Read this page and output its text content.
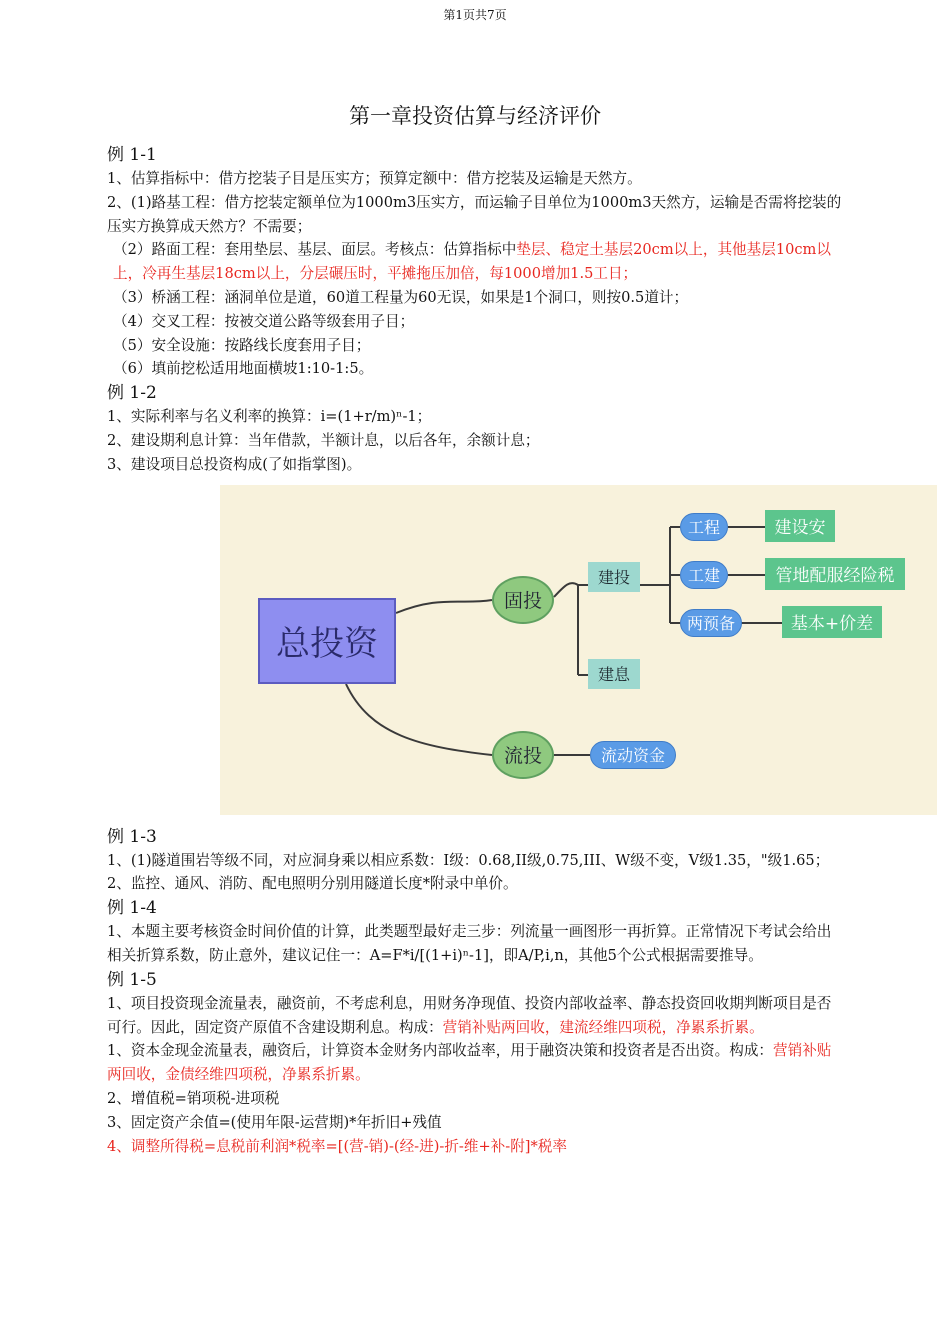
第1页共7页
第一章投资估算与经济评价

例 1-1

1、估算指标中：借方挖装子目是压实方；预算定额中：借方挖装及运输是天然方。

2、(1)路基工程：借方挖装定额单位为1000m3压实方，而运输子目单位为1000m3天然方，运输是否需将挖装的压实方换算成天然方？不需要；

（2）路面工程：套用垫层、基层、面层。考核点：估算指标中垫层、稳定土基层20cm以上，其他基层10cm以上，冷再生基层18cm以上，分层碾压时，平摊拖压加倍，每1000增加1.5工日；

（3）桥涵工程：涵洞单位是道，60道工程量为60无误，如果是1个洞口，则按0.5道计；

（4）交叉工程：按被交道公路等级套用子目；

（5）安全设施：按路线长度套用子目；

（6）填前挖松适用地面横坡1:10-1:5。

例 1-2

1、实际利率与名义利率的换算：i=(1+r/m)ⁿ-1；

2、建设期利息计算：当年借款，半额计息，以后各年，余额计息；

3、建设项目总投资构成(了如指掌图)。

总投资
固投
流投
建投
建息
工程
工建
两预备
建设安
管地配服经险税
基本+价差
流动资金

例 1-3

1、(1)隧道围岩等级不同，对应洞身乘以相应系数：I级：0.68,II级,0.75,III、W级不变，V级1.35，"级1.65；

2、监控、通风、消防、配电照明分别用隧道长度*附录中单价。

例 1-4

1、本题主要考核资金时间价值的计算，此类题型最好走三步：列流量一画图形一再折算。正常情况下考试会给出相关折算系数，防止意外，建议记住一：A=F*i/[(1+i)ⁿ-1]，即A/P,i,n，其他5个公式根据需要推导。

例 1-5

1、项目投资现金流量表，融资前，不考虑利息，用财务净现值、投资内部收益率、静态投资回收期判断项目是否可行。因此，固定资产原值不含建设期利息。构成：营销补贴两回收，建流经维四项税，净累系折累。

1、资本金现金流量表，融资后，计算资本金财务内部收益率，用于融资决策和投资者是否出资。构成：营销补贴两回收，金债经维四项税，净累系折累。

2、增值税=销项税-进项税

3、固定资产余值=(使用年限-运营期)*年折旧+残值

4、调整所得税=息税前利润*税率=[(营-销)-(经-进)-折-维+补-附]*税率
